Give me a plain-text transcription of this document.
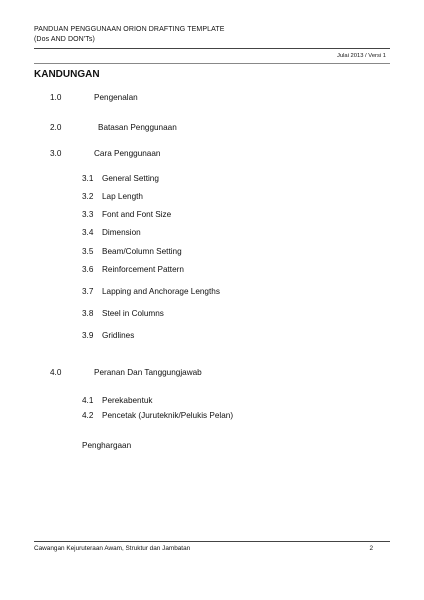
PANDUAN PENGGUNAAN ORION DRAFTING TEMPLATE
(Dos AND DON'Ts)
Julai 2013 / Versi 1
KANDUNGAN
1.0	Pengenalan
2.0	Batasan Penggunaan
3.0	Cara Penggunaan
3.1 General Setting
3.2 Lap Length
3.3 Font and Font Size
3.4 Dimension
3.5 Beam/Column Setting
3.6 Reinforcement Pattern
3.7 Lapping and Anchorage Lengths
3.8 Steel in Columns
3.9 Gridlines
4.0	Peranan Dan Tanggungjawab
4.1 Perekabentuk
4.2 Pencetak (Juruteknik/Pelukis Pelan)
Penghargaan
Cawangan Kejuruteraan Awam, Struktur dan Jambatan	2
